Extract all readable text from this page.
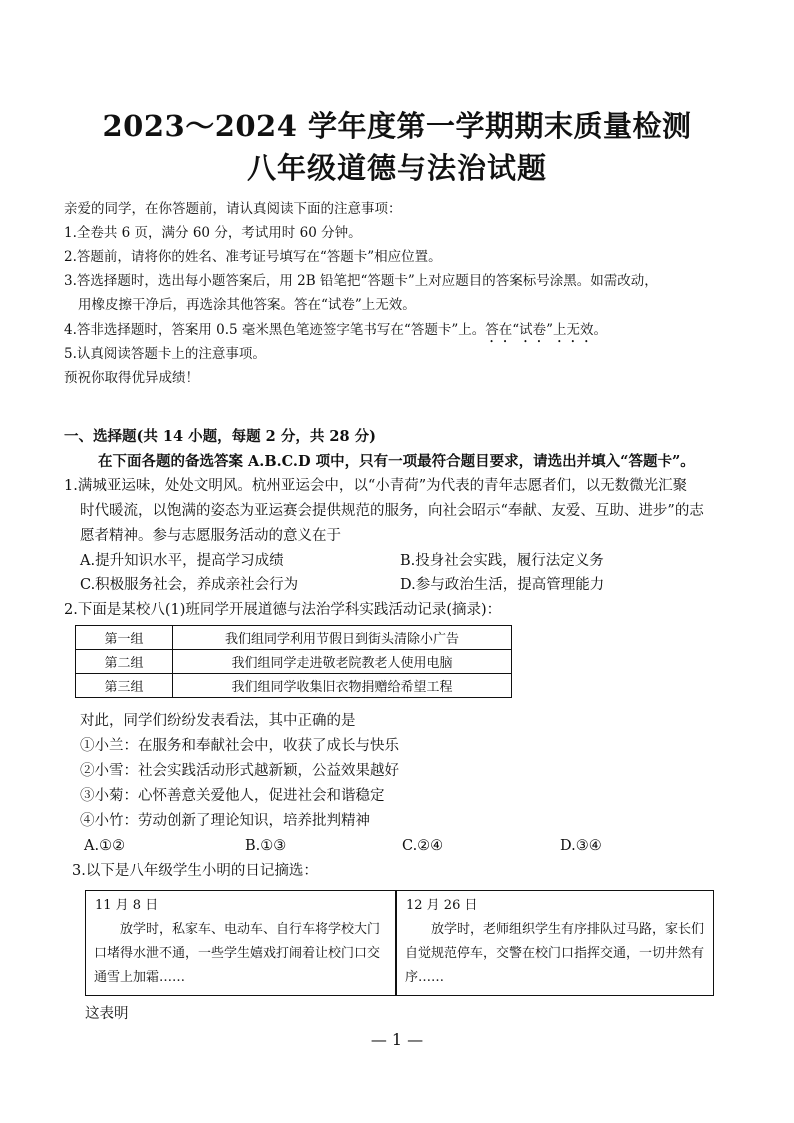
2023～2024 学年度第一学期期末质量检测
八年级道德与法治试题
亲爱的同学，在你答题前，请认真阅读下面的注意事项：
1.全卷共 6 页，满分 60 分，考试用时 60 分钟。
2.答题前，请将你的姓名、准考证号填写在“答题卡”相应位置。
3.答选择题时，选出每小题答案后，用 2B 铅笔把“答题卡”上对应题目的答案标号涂黑。如需改动，
用橡皮擦干净后，再选涂其他答案。答在“试卷”上无效。
4.答非选择题时，答案用 0.5 毫米黑色笔迹签字笔书写在“答题卡”上。答在“试卷”上无效。
5.认真阅读答题卡上的注意事项。
预祝你取得优异成绩！
一、选择题(共 14 小题，每题 2 分，共 28 分)
在下面各题的备选答案 A.B.C.D 项中，只有一项最符合题目要求，请选出并填入“答题卡”。
1.满城亚运味，处处文明风。杭州亚运会中，以“小青荷”为代表的青年志愿者们，以无数微光汇聚
时代暖流，以饱满的姿态为亚运赛会提供规范的服务，向社会昭示“奉献、友爱、互助、进步”的志
愿者精神。参与志愿服务活动的意义在于
A.提升知识水平，提高学习成绩	B.投身社会实践，履行法定义务
C.积极服务社会，养成亲社会行为	D.参与政治生活，提高管理能力
2.下面是某校八(1)班同学开展道德与法治学科实践活动记录(摘录)：
第一组	我们组同学利用节假日到街头清除小广告
第二组	我们组同学走进敬老院教老人使用电脑
第三组	我们组同学收集旧衣物捐赠给希望工程
对此，同学们纷纷发表看法，其中正确的是
①小兰：在服务和奉献社会中，收获了成长与快乐
②小雪：社会实践活动形式越新颖，公益效果越好
③小菊：心怀善意关爱他人，促进社会和谐稳定
④小竹：劳动创新了理论知识，培养批判精神
A.①②	B.①③	C.②④	D.③④
3.以下是八年级学生小明的日记摘选：
11 月 8 日
放学时，私家车、电动车、自行车将学校大门口堵得水泄不通，一些学生嬉戏打闹着让校门口交通雪上加霜……
12 月 26 日
放学时，老师组织学生有序排队过马路，家长们自觉规范停车，交警在校门口指挥交通，一切井然有序……
这表明
— 1 —
